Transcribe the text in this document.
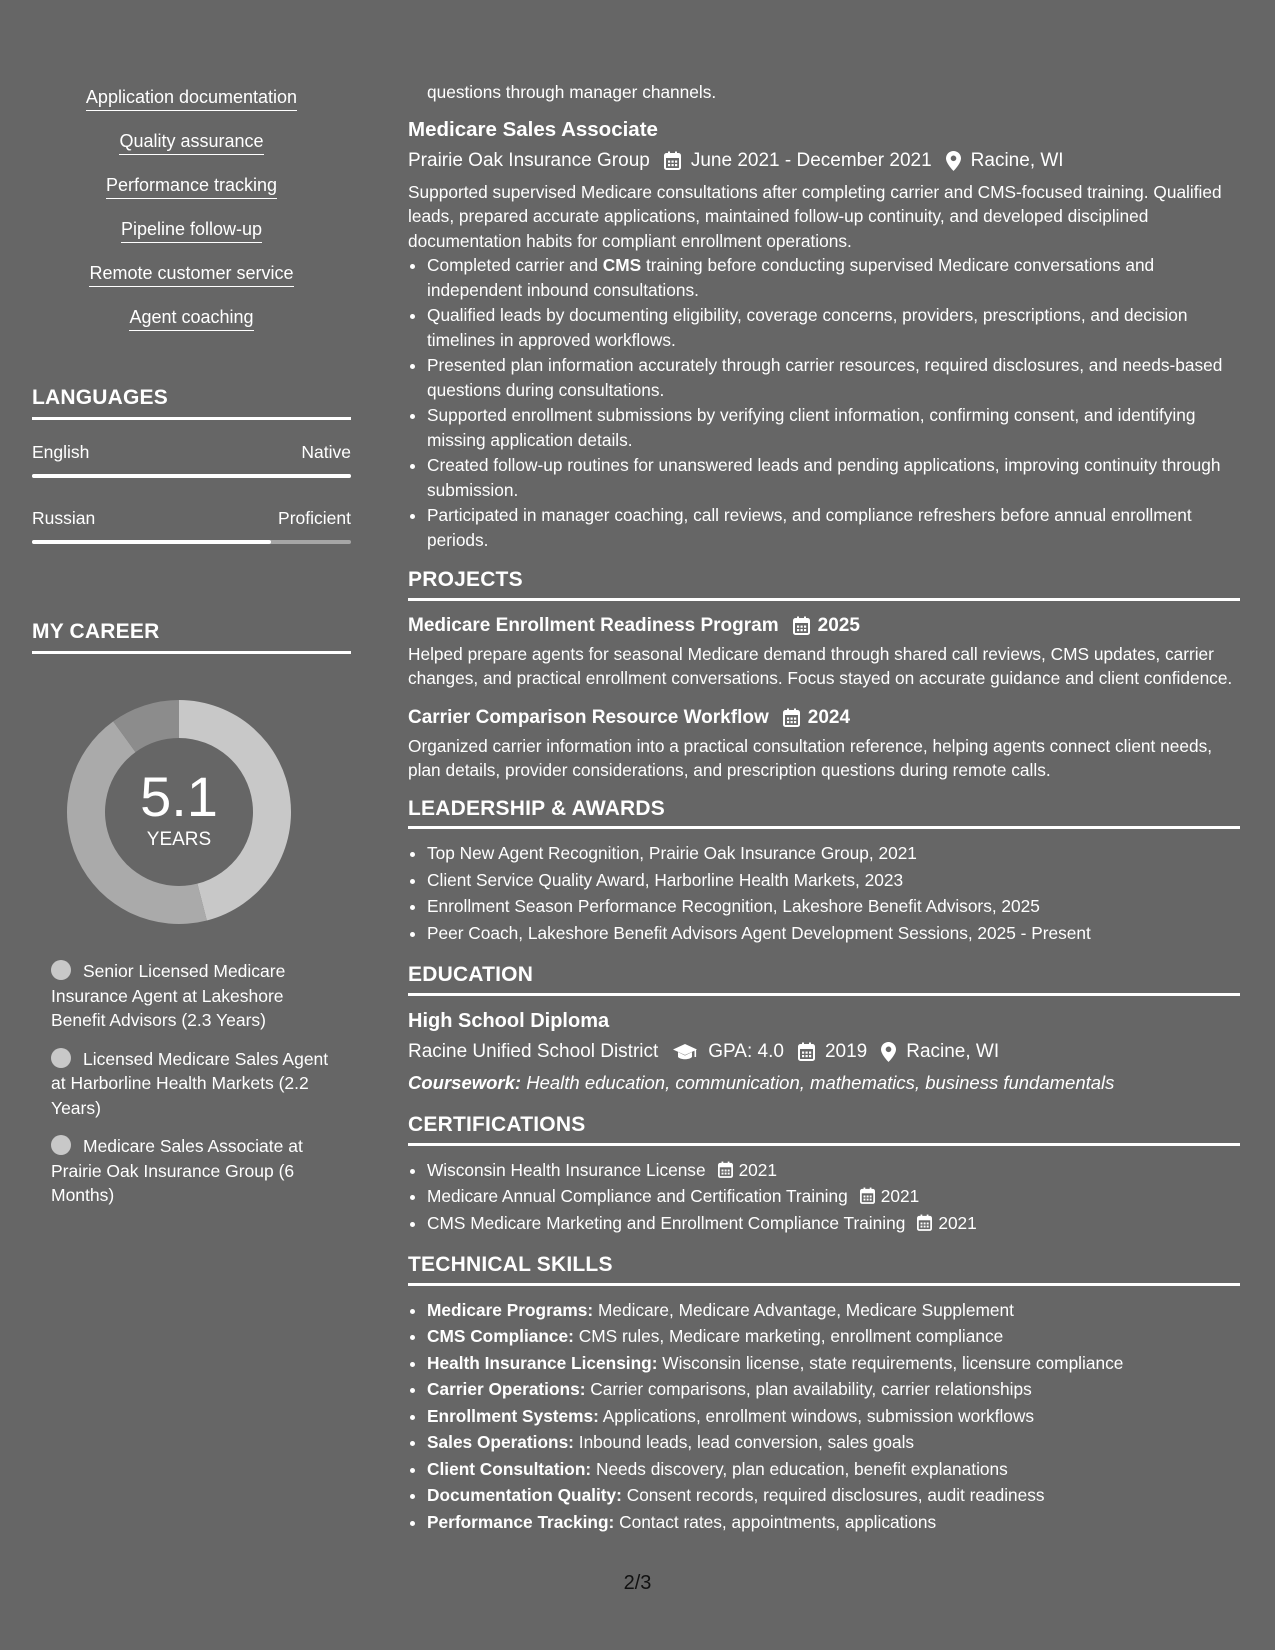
Application documentation
Quality assurance
Performance tracking
Pipeline follow-up
Remote customer service
Agent coaching
LANGUAGES
English	Native
Russian	Proficient
MY CAREER
5.1
YEARS
Senior Licensed Medicare Insurance Agent at Lakeshore Benefit Advisors (2.3 Years)
Licensed Medicare Sales Agent at Harborline Health Markets (2.2 Years)
Medicare Sales Associate at Prairie Oak Insurance Group (6 Months)
questions through manager channels.
Medicare Sales Associate
Prairie Oak Insurance Group June 2021 - December 2021 Racine, WI
Supported supervised Medicare consultations after completing carrier and CMS-focused training. Qualified leads, prepared accurate applications, maintained follow-up continuity, and developed disciplined documentation habits for compliant enrollment operations.
• Completed carrier and CMS training before conducting supervised Medicare conversations and independent inbound consultations.
• Qualified leads by documenting eligibility, coverage concerns, providers, prescriptions, and decision timelines in approved workflows.
• Presented plan information accurately through carrier resources, required disclosures, and needs-based questions during consultations.
• Supported enrollment submissions by verifying client information, confirming consent, and identifying missing application details.
• Created follow-up routines for unanswered leads and pending applications, improving continuity through submission.
• Participated in manager coaching, call reviews, and compliance refreshers before annual enrollment periods.
PROJECTS
Medicare Enrollment Readiness Program 2025
Helped prepare agents for seasonal Medicare demand through shared call reviews, CMS updates, carrier changes, and practical enrollment conversations. Focus stayed on accurate guidance and client confidence.
Carrier Comparison Resource Workflow 2024
Organized carrier information into a practical consultation reference, helping agents connect client needs, plan details, provider considerations, and prescription questions during remote calls.
LEADERSHIP & AWARDS
• Top New Agent Recognition, Prairie Oak Insurance Group, 2021
• Client Service Quality Award, Harborline Health Markets, 2023
• Enrollment Season Performance Recognition, Lakeshore Benefit Advisors, 2025
• Peer Coach, Lakeshore Benefit Advisors Agent Development Sessions, 2025 - Present
EDUCATION
High School Diploma
Racine Unified School District	GPA: 4.0 2019 Racine, WI
Coursework: Health education, communication, mathematics, business fundamentals
CERTIFICATIONS
• Wisconsin Health Insurance License 2021
• Medicare Annual Compliance and Certification Training 2021
• CMS Medicare Marketing and Enrollment Compliance Training 2021
TECHNICAL SKILLS
• Medicare Programs: Medicare, Medicare Advantage, Medicare Supplement
• CMS Compliance: CMS rules, Medicare marketing, enrollment compliance
• Health Insurance Licensing: Wisconsin license, state requirements, licensure compliance
• Carrier Operations: Carrier comparisons, plan availability, carrier relationships
• Enrollment Systems: Applications, enrollment windows, submission workflows
• Sales Operations: Inbound leads, lead conversion, sales goals
• Client Consultation: Needs discovery, plan education, benefit explanations
• Documentation Quality: Consent records, required disclosures, audit readiness
• Performance Tracking: Contact rates, appointments, applications
2/3
